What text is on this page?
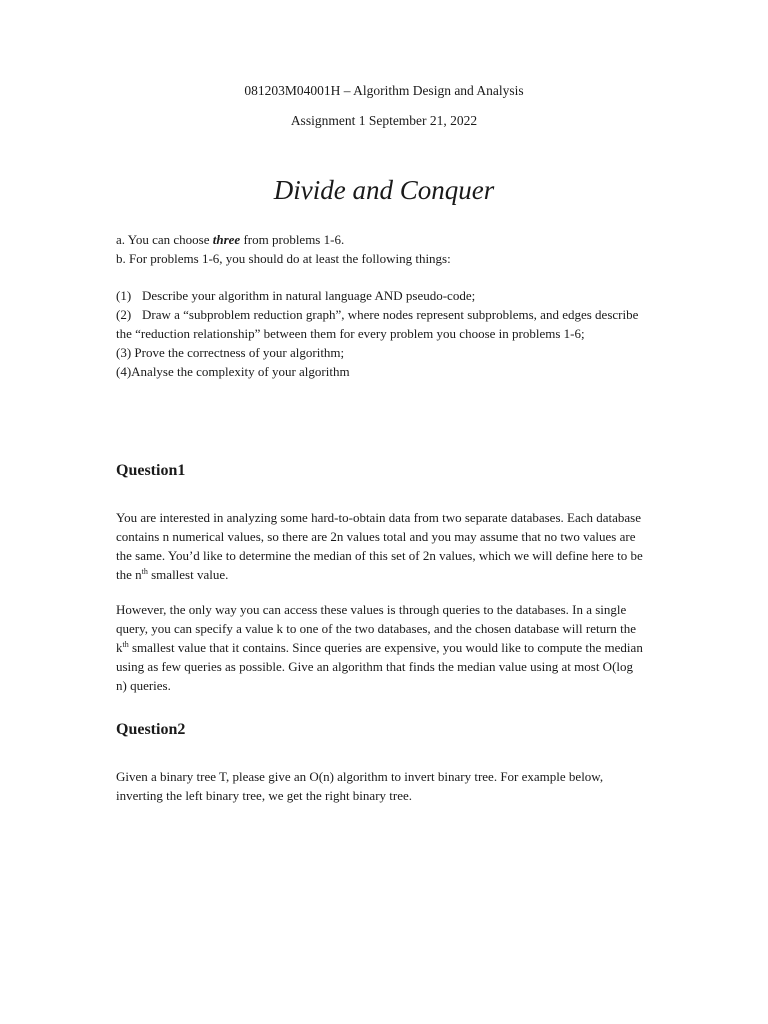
081203M04001H – Algorithm Design and Analysis

Assignment 1 September 21, 2022

Divide and Conquer
a. You can choose three from problems 1-6.
b. For problems 1-6, you should do at least the following things:
(1) Describe your algorithm in natural language AND pseudo-code;
(2) Draw a “subproblem reduction graph”, where nodes represent subproblems, and edges describe the “reduction relationship” between them for every problem you choose in problems 1-6;
(3) Prove the correctness of your algorithm;
(4)Analyse the complexity of your algorithm
Question1

You are interested in analyzing some hard-to-obtain data from two separate databases. Each database contains n numerical values, so there are 2n values total and you may assume that no two values are the same. You’d like to determine the median of this set of 2n values, which we will define here to be the $n^{th}$ smallest value.

However, the only way you can access these values is through queries to the databases. In a single query, you can specify a value k to one of the two databases, and the chosen database will return the $k^{th}$ smallest value that it contains. Since queries are expensive, you would like to compute the median using as few queries as possible. Give an algorithm that finds the median value using at most O(log n) queries.

Question2

Given a binary tree T, please give an O(n) algorithm to invert binary tree. For example below, inverting the left binary tree, we get the right binary tree.
